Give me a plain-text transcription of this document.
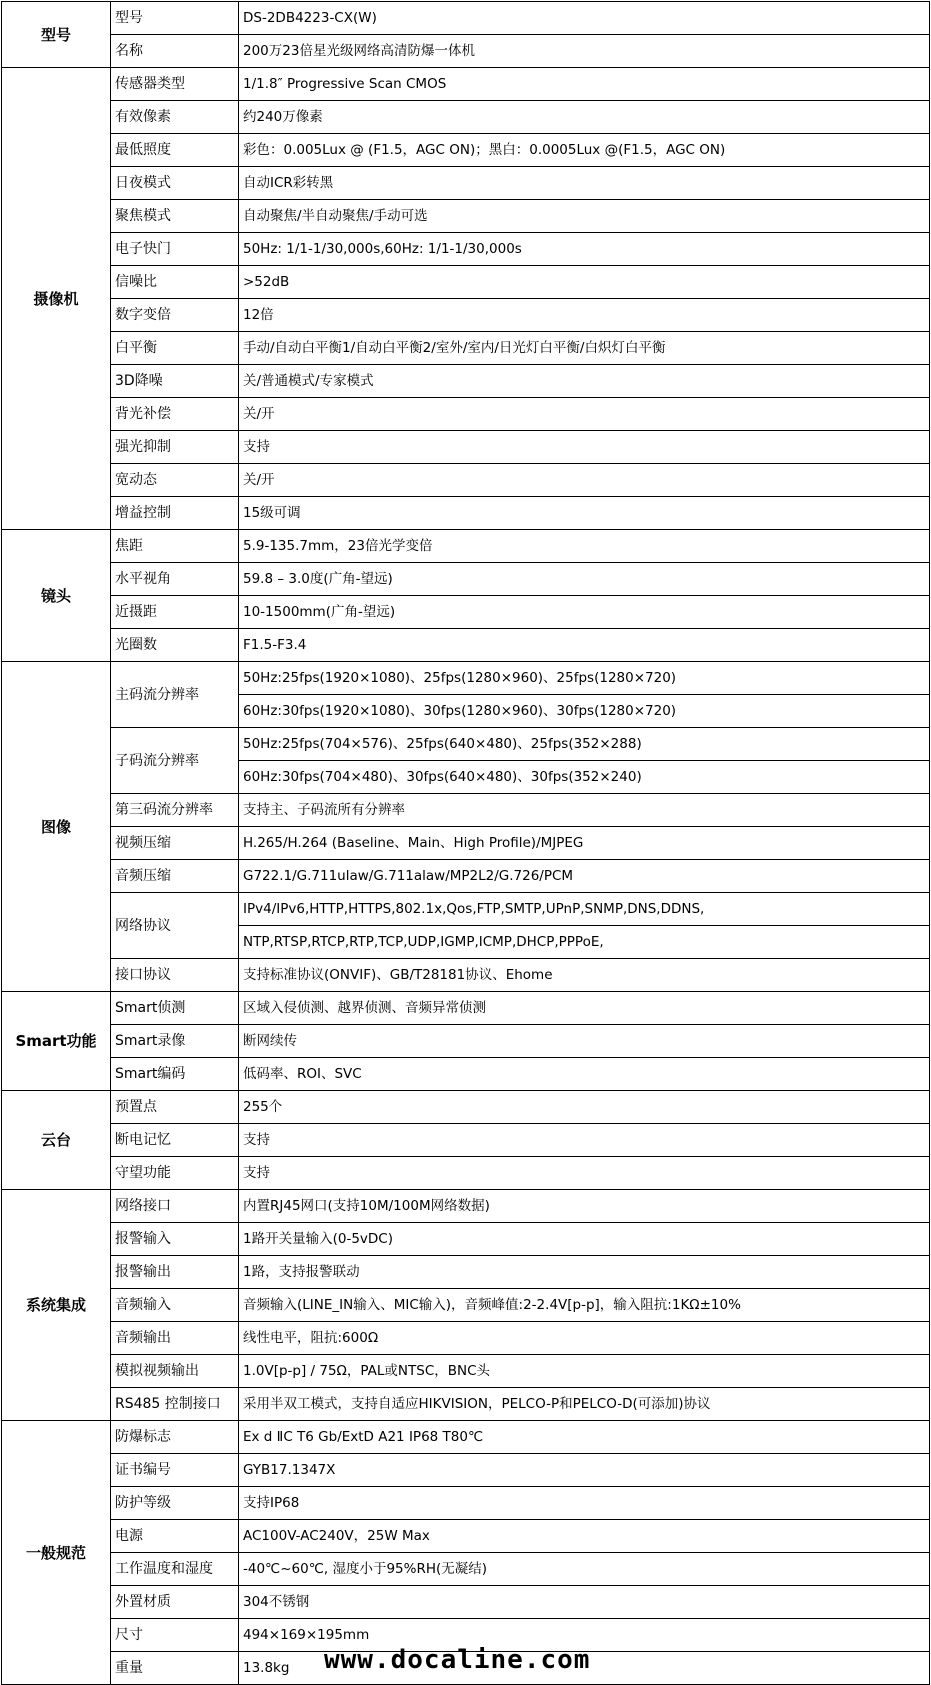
型号	型号	DS-2DB4223-CX(W)
	名称	200万23倍星光级网络高清防爆一体机
摄像机	传感器类型	1/1.8″ Progressive Scan CMOS
	有效像素	约240万像素
	最低照度	彩色：0.005Lux @ (F1.5，AGC ON)；黑白：0.0005Lux @(F1.5，AGC ON)
	日夜模式	自动ICR彩转黑
	聚焦模式	自动聚焦/半自动聚焦/手动可选
	电子快门	50Hz: 1/1-1/30,000s,60Hz: 1/1-1/30,000s
	信噪比	>52dB
	数字变倍	12倍
	白平衡	手动/自动白平衡1/自动白平衡2/室外/室内/日光灯白平衡/白炽灯白平衡
	3D降噪	关/普通模式/专家模式
	背光补偿	关/开
	强光抑制	支持
	宽动态	关/开
	增益控制	15级可调
镜头	焦距	5.9-135.7mm，23倍光学变倍
	水平视角	59.8 – 3.0度(广角-望远)
	近摄距	10-1500mm(广角-望远)
	光圈数	F1.5-F3.4
图像	主码流分辨率	50Hz:25fps(1920×1080)、25fps(1280×960)、25fps(1280×720)
		60Hz:30fps(1920×1080)、30fps(1280×960)、30fps(1280×720)
	子码流分辨率	50Hz:25fps(704×576)、25fps(640×480)、25fps(352×288)
		60Hz:30fps(704×480)、30fps(640×480)、30fps(352×240)
	第三码流分辨率	支持主、子码流所有分辨率
	视频压缩	H.265/H.264 (Baseline、Main、High Profile)/MJPEG
	音频压缩	G722.1/G.711ulaw/G.711alaw/MP2L2/G.726/PCM
	网络协议	IPv4/IPv6,HTTP,HTTPS,802.1x,Qos,FTP,SMTP,UPnP,SNMP,DNS,DDNS,
		NTP,RTSP,RTCP,RTP,TCP,UDP,IGMP,ICMP,DHCP,PPPoE,
	接口协议	支持标准协议(ONVIF)、GB/T28181协议、Ehome
Smart功能	Smart侦测	区域入侵侦测、越界侦测、音频异常侦测
	Smart录像	断网续传
	Smart编码	低码率、ROI、SVC
云台	预置点	255个
	断电记忆	支持
	守望功能	支持
系统集成	网络接口	内置RJ45网口(支持10M/100M网络数据)
	报警输入	1路开关量输入(0-5vDC)
	报警输出	1路，支持报警联动
	音频输入	音频输入(LINE_IN输入、MIC输入)，音频峰值:2-2.4V[p-p]，输入阻抗:1KΩ±10%
	音频输出	线性电平，阻抗:600Ω
	模拟视频输出	1.0V[p-p] / 75Ω，PAL或NTSC，BNC头
	RS485 控制接口	采用半双工模式，支持自适应HIKVISION，PELCO-P和PELCO-D(可添加)协议
一般规范	防爆标志	Ex d ⅡC T6 Gb/ExtD A21 IP68 T80℃
	证书编号	GYB17.1347X
	防护等级	支持IP68
	电源	AC100V-AC240V，25W Max
	工作温度和湿度	-40℃~60℃, 湿度小于95%RH(无凝结)
	外置材质	304不锈钢
	尺寸	494×169×195mm
	重量	13.8kg www.docaline.com
